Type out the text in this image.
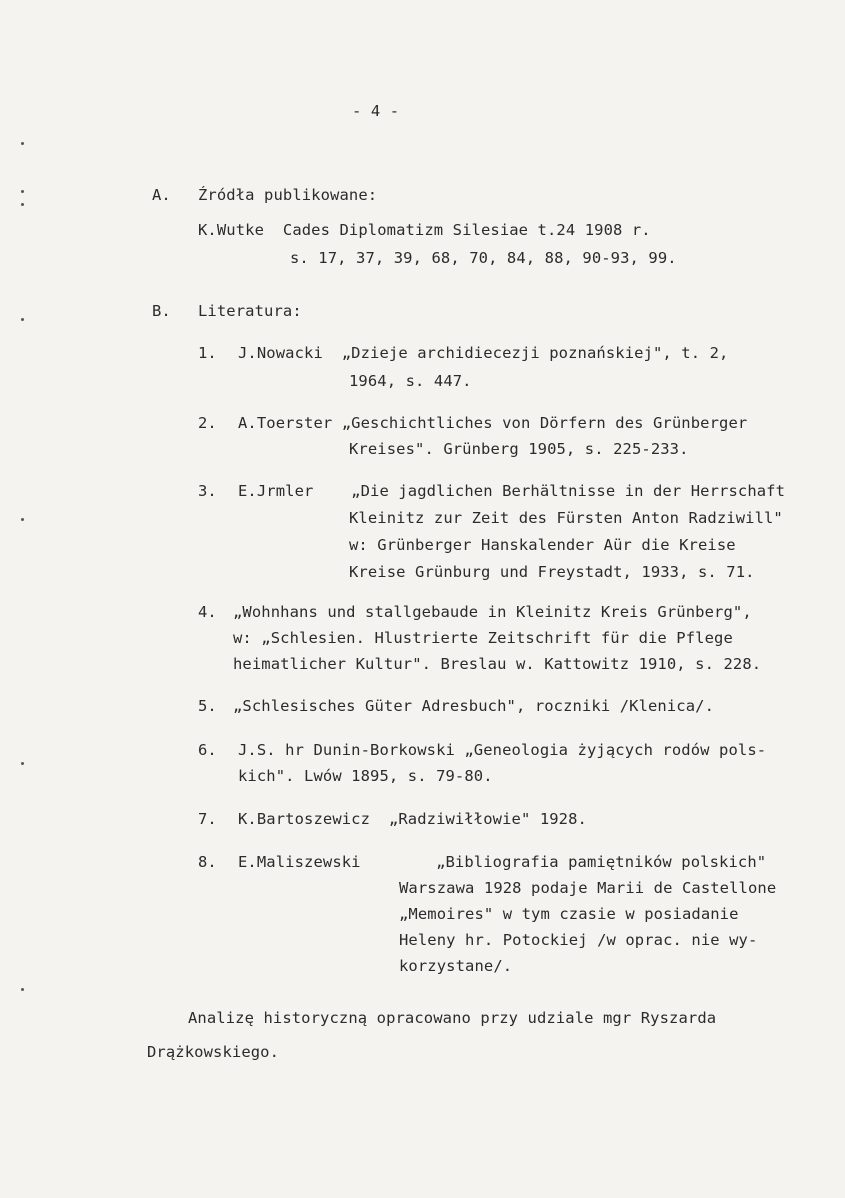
- 4 -
A. Źródła publikowane:
K.Wutke  Cades Diplomatizm Silesiae t.24 1908 r.
s. 17, 37, 39, 68, 70, 84, 88, 90-93, 99.
B. Literatura:
1. J.Nowacki  „Dzieje archidiecezji poznańskiej", t. 2,
1964, s. 447.
2. A.Toerster „Geschichtliches von Dörfern des Grünberger
Kreises". Grünberg 1905, s. 225-233.
3. E.Jrmler    „Die jagdlichen Berhältnisse in der Herrschaft
Kleinitz zur Zeit des Fürsten Anton Radziwill"
w: Grünberger Hanskalender Aür die Kreise
Kreise Grünburg und Freystadt, 1933, s. 71.
4. „Wohnhans und stallgebaude in Kleinitz Kreis Grünberg",
w: „Schlesien. Hlustrierte Zeitschrift für die Pflege
heimatlicher Kultur". Breslau w. Kattowitz 1910, s. 228.
5. „Schlesisches Güter Adresbuch", roczniki /Klenica/.
6. J.S. hr Dunin-Borkowski „Geneologia żyjących rodów pols-
kich". Lwów 1895, s. 79-80.
7. K.Bartoszewicz  „Radziwiłłowie" 1928.
8. E.Maliszewski        „Bibliografia pamiętników polskich"
Warszawa 1928 podaje Marii de Castellone
„Memoires" w tym czasie w posiadanie
Heleny hr. Potockiej /w oprac. nie wy-
korzystane/.
Analizę historyczną opracowano przy udziale mgr Ryszarda
Drążkowskiego.
